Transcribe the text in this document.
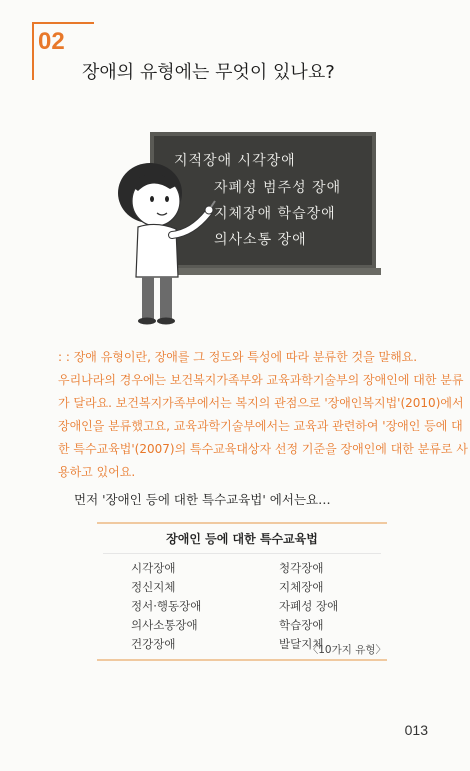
02
장애의 유형에는 무엇이 있나요?
지적장애 시각장애
자폐성 범주성 장애
지체장애 학습장애
의사소통 장애
: : 장애 유형이란, 장애를 그 정도와 특성에 따라 분류한 것을 말해요.
우리나라의 경우에는 보건복지가족부와 교육과학기술부의 장애인에 대한 분류
가 달라요. 보건복지가족부에서는 복지의 관점으로 '장애인복지법'(2010)에서
장애인을 분류했고요, 교육과학기술부에서는 교육과 관련하여 '장애인 등에 대
한 특수교육법'(2007)의 특수교육대상자 선정 기준을 장애인에 대한 분류로 사
용하고 있어요.
먼저 '장애인 등에 대한 특수교육법' 에서는요…
장애인 등에 대한 특수교육법
시각장애	청각장애
정신지체	지체장애
정서·행동장애	자폐성 장애
의사소통장애	학습장애
건강장애	발달지체
〈10가지 유형〉
013
